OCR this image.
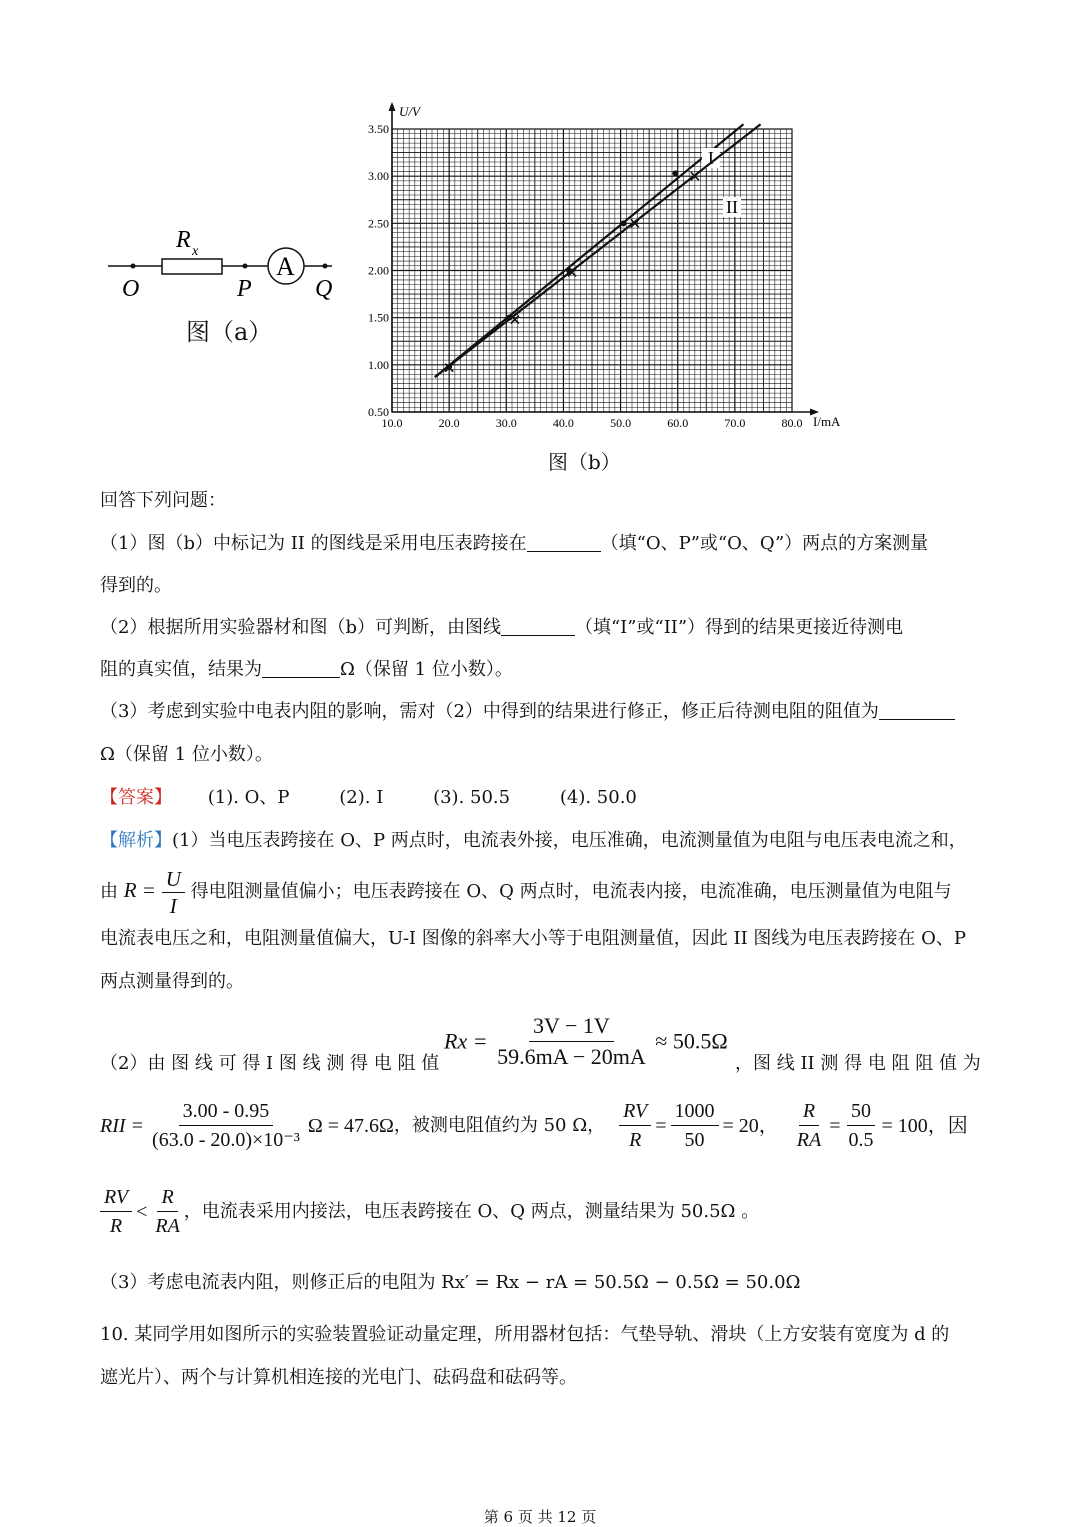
R x
A
O	P	Q
图（a）
U/V
I/mA
10.0	20.0	30.0	40.0	50.0	60.0	70.0	80.0
0.50
1.00
1.50
2.00
2.50
3.00
3.50
I
II
图（b）
回答下列问题：
（1）图（b）中标记为 II 的图线是采用电压表跨接在	（填“O、P”或“O、Q”）两点的方案测量
得到的。
（2）根据所用实验器材和图（b）可判断，由图线	（填“I”或“II”）得到的结果更接近待测电
阻的真实值，结果为	Ω（保留 1 位小数）。
（3）考虑到实验中电表内阻的影响，需对（2）中得到的结果进行修正，修正后待测电阻的阻值为
Ω（保留 1 位小数）。
【答案】 (1). O、P	(2). I	(3). 50.5	(4). 50.0
【解析】(1）当电压表跨接在 O、P 两点时，电流表外接，电压准确，电流测量值为电阻与电压表电流之和，
由 $R = \frac{U}{I}$ 得电阻测量值偏小；电压表跨接在 O、Q 两点时，电流表内接，电流准确，电压测量值为电阻与
电流表电压之和，电阻测量值偏大，U-I 图像的斜率大小等于电阻测量值，因此 II 图线为电压表跨接在 O、P
两点测量得到的。
（2）由 图 线 可 得 I 图 线 测 得 电 阻 值
$Rx = \frac{3V - 1V}{59.6mA - 20mA} \approx 50.5\Omega$
，图 线 II 测 得 电 阻 阻 值 为
RII = $\frac{3.00 - 0.95}{\text{(63.0 - 20.0)×10⁻³}}$ Ω = 47.6Ω ，被测电阻值约为 50 Ω， $\frac{RV}{R} = \frac{1000}{50} = 20$， $\frac{R}{RA} = \frac{50}{0.5} = 100$，因
$\frac{RV}{R} < \frac{R}{RA}$ ，电流表采用内接法，电压表跨接在 O、Q 两点，测量结果为 50.5Ω 。
（3）考虑电流表内阻，则修正后的电阻为 Rx′ = Rx − rA = 50.5Ω − 0.5Ω = 50.0Ω
10. 某同学用如图所示的实验装置验证动量定理，所用器材包括：气垫导轨、滑块（上方安装有宽度为 d 的
遮光片）、两个与计算机相连接的光电门、砝码盘和砝码等。
第 6 页 共 12 页
